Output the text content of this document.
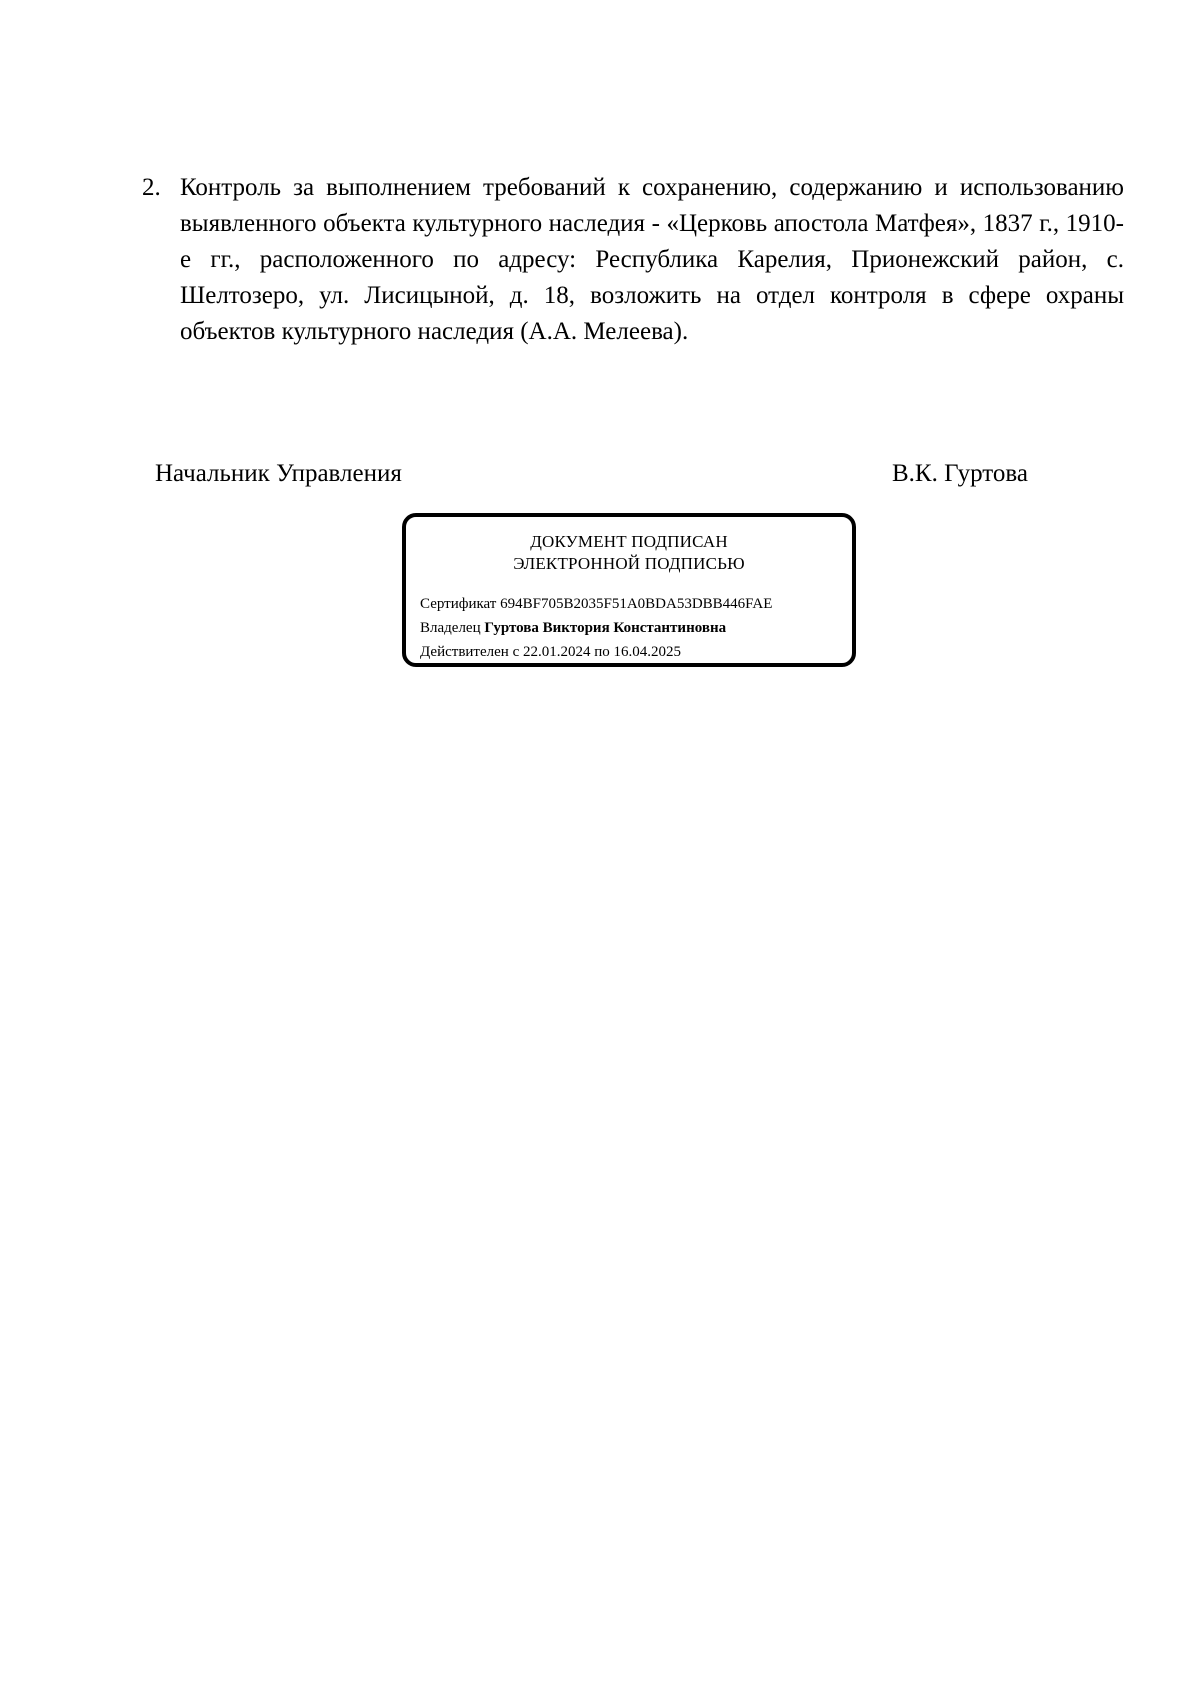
2. Контроль за выполнением требований к сохранению, содержанию и использованию выявленного объекта культурного наследия - «Церковь апостола Матфея», 1837 г., 1910-е гг., расположенного по адресу: Республика Карелия, Прионежский район, с. Шелтозеро, ул. Лисицыной, д. 18, возложить на отдел контроля в сфере охраны объектов культурного наследия (А.А. Мелеева).
Начальник Управления	В.К. Гуртова
ДОКУМЕНТ ПОДПИСАН
ЭЛЕКТРОННОЙ ПОДПИСЬЮ
Сертификат 694BF705B2035F51A0BDA53DBB446FAE
Владелец Гуртова Виктория Константиновна
Действителен с 22.01.2024 по 16.04.2025
